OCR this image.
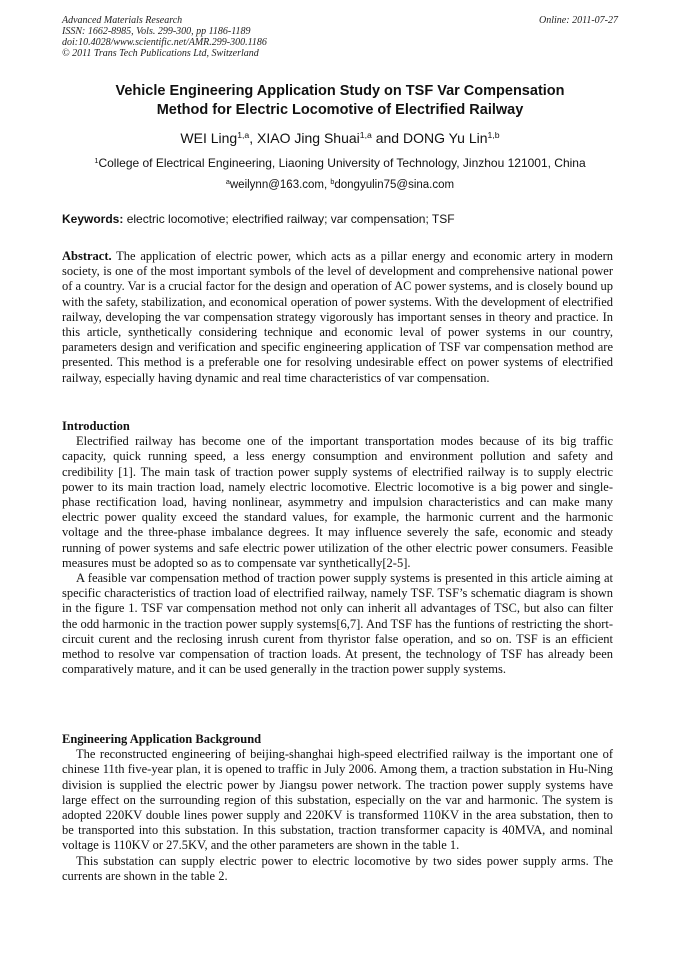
Advanced Materials Research
ISSN: 1662-8985, Vols. 299-300, pp 1186-1189
doi:10.4028/www.scientific.net/AMR.299-300.1186
© 2011 Trans Tech Publications Ltd, Switzerland
Online: 2011-07-27
Vehicle Engineering Application Study on TSF Var Compensation
Method for Electric Locomotive of Electrified Railway
WEI Ling$^{1,a}$, XIAO Jing Shuai$^{1,a}$ and DONG Yu Lin$^{1,b}$
$^1$College of Electrical Engineering, Liaoning University of Technology, Jinzhou 121001, China
$^a$weilynn@163.com, $^b$dongyulin75@sina.com
Keywords: electric locomotive; electrified railway; var compensation; TSF

Abstract. The application of electric power, which acts as a pillar energy and economic artery in modern society, is one of the most important symbols of the level of development and comprehensive national power of a country. Var is a crucial factor for the design and operation of AC power systems, and is closely bound up with the safety, stabilization, and economical operation of power systems. With the development of electrified railway, developing the var compensation strategy vigorously has important senses in theory and practice. In this article, synthetically considering technique and economic leval of power systems in our country, parameters design and verification and specific engineering application of TSF var compensation method are presented. This method is a preferable one for resolving undesirable effect on power systems of electrified railway, especially having dynamic and real time characteristics of var compensation.

Introduction

Electrified railway has become one of the important transportation modes because of its big traffic capacity, quick running speed, a less energy consumption and environment pollution and safety and credibility [1]. The main task of traction power supply systems of electrified railway is to supply electric power to its main traction load, namely electric locomotive. Electric locomotive is a big power and single-phase rectification load, having nonlinear, asymmetry and impulsion characteristics and can make many electric power quality exceed the standard values, for example, the harmonic current and the harmonic voltage and the three-phase imbalance degrees. It may influence severely the safe, economic and steady running of power systems and safe electric power utilization of the other electric power consumers. Feasible measures must be adopted so as to compensate var synthetically[2-5].

A feasible var compensation method of traction power supply systems is presented in this article aiming at specific characteristics of traction load of electrified railway, namely TSF. TSF’s schematic diagram is shown in the figure 1. TSF var compensation method not only can inherit all advantages of TSC, but also can filter the odd harmonic in the traction power supply systems[6,7]. And TSF has the funtions of restricting the short-circuit curent and the reclosing inrush curent from thyristor false operation, and so on. TSF is an efficient method to resolve var compensation of traction loads. At present, the technology of TSF has already been comparatively mature, and it can be used generally in the traction power supply systems.

Engineering Application Background

The reconstructed engineering of beijing-shanghai high-speed electrified railway is the important one of chinese 11th five-year plan, it is opened to traffic in July 2006. Among them, a traction substation in Hu-Ning division is supplied the electric power by Jiangsu power network. The traction power supply systems have large effect on the surrounding region of this substation, especially on the var and harmonic. The system is adopted 220KV double lines power supply and 220KV is transformed 110KV in the area substation, then to be transported into this substation. In this substation, traction transformer capacity is 40MVA, and nominal voltage is 110KV or 27.5KV, and the other parameters are shown in the table 1.

This substation can supply electric power to electric locomotive by two sides power supply arms. The currents are shown in the table 2.
